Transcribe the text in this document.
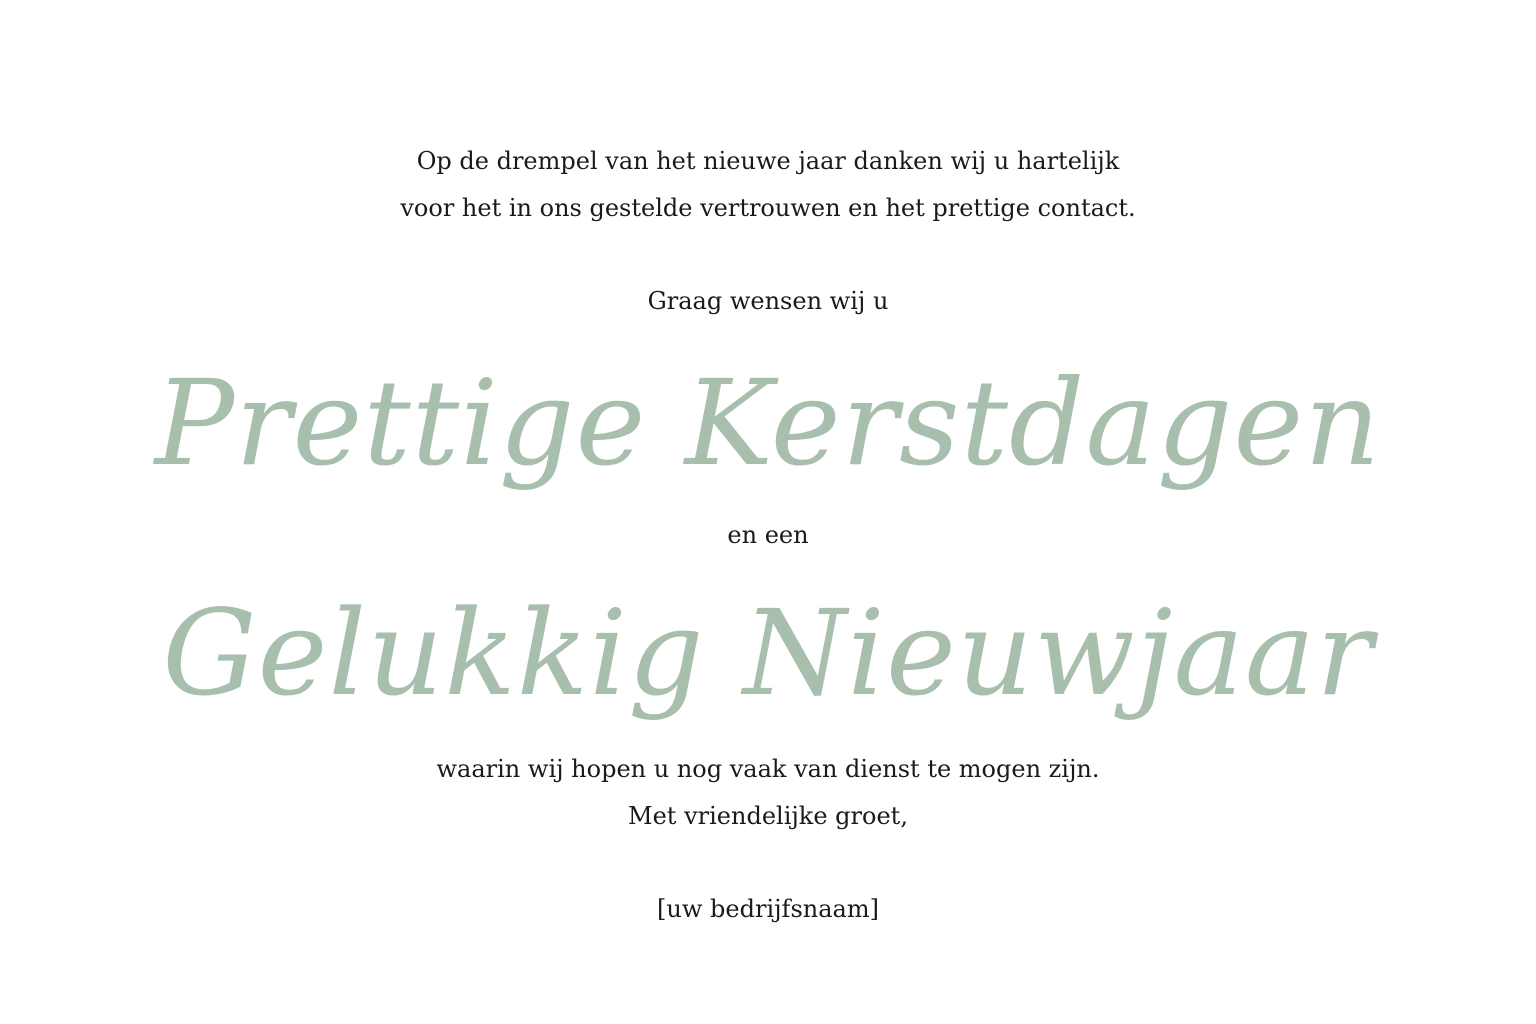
Op de drempel van het nieuwe jaar danken wij u hartelijk

voor het in ons gestelde vertrouwen en het prettige contact.

Graag wensen wij u

Prettige Kerstdagen

en een

Gelukkig Nieuwjaar

waarin wij hopen u nog vaak van dienst te mogen zijn.

Met vriendelijke groet,

[uw bedrijfsnaam]
